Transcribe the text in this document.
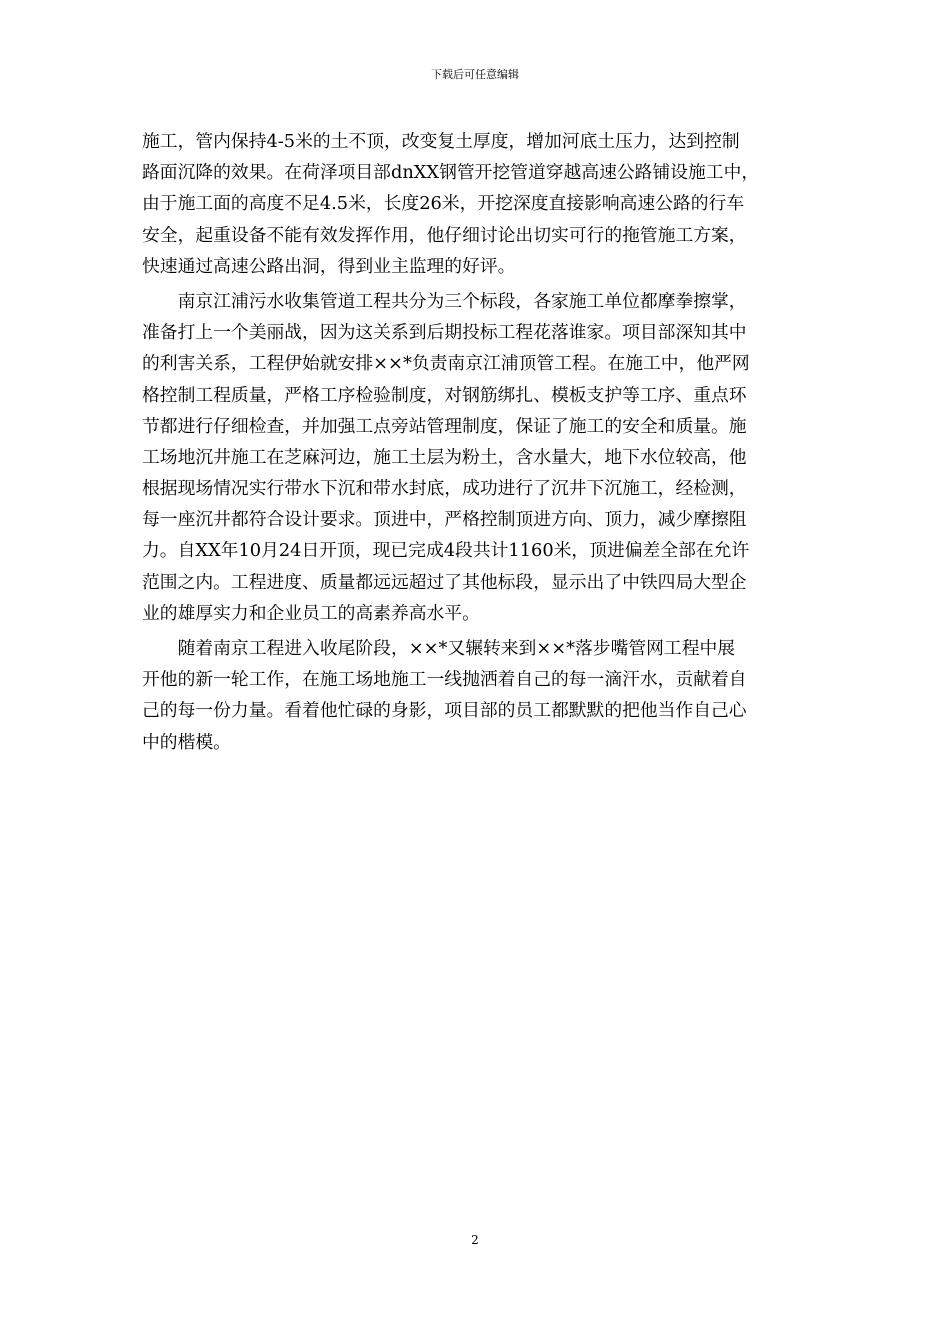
下载后可任意编辑

施工，管内保持4-5米的土不顶，改变复土厚度，增加河底土压力，达到控制
路面沉降的效果。在荷泽项目部dnXX钢管开挖管道穿越高速公路铺设施工中，
由于施工面的高度不足4.5米，长度26米，开挖深度直接影响高速公路的行车
安全，起重设备不能有效发挥作用，他仔细讨论出切实可行的拖管施工方案，
快速通过高速公路出洞，得到业主监理的好评。

　　南京江浦污水收集管道工程共分为三个标段，各家施工单位都摩拳擦掌，
准备打上一个美丽战，因为这关系到后期投标工程花落谁家。项目部深知其中
的利害关系，工程伊始就安排××*负责南京江浦顶管工程。在施工中，他严网
格控制工程质量，严格工序检验制度，对钢筋绑扎、模板支护等工序、重点环
节都进行仔细检查，并加强工点旁站管理制度，保证了施工的安全和质量。施
工场地沉井施工在芝麻河边，施工土层为粉土，含水量大，地下水位较高，他
根据现场情况实行带水下沉和带水封底，成功进行了沉井下沉施工，经检测，
每一座沉井都符合设计要求。顶进中，严格控制顶进方向、顶力，减少摩擦阻
力。自XX年10月24日开顶，现已完成4段共计1160米，顶进偏差全部在允许
范围之内。工程进度、质量都远远超过了其他标段，显示出了中铁四局大型企
业的雄厚实力和企业员工的高素养高水平。

　　随着南京工程进入收尾阶段，××*又辗转来到××*落步嘴管网工程中展
开他的新一轮工作，在施工场地施工一线抛洒着自己的每一滴汗水，贡献着自
己的每一份力量。看着他忙碌的身影，项目部的员工都默默的把他当作自己心
中的楷模。

2
